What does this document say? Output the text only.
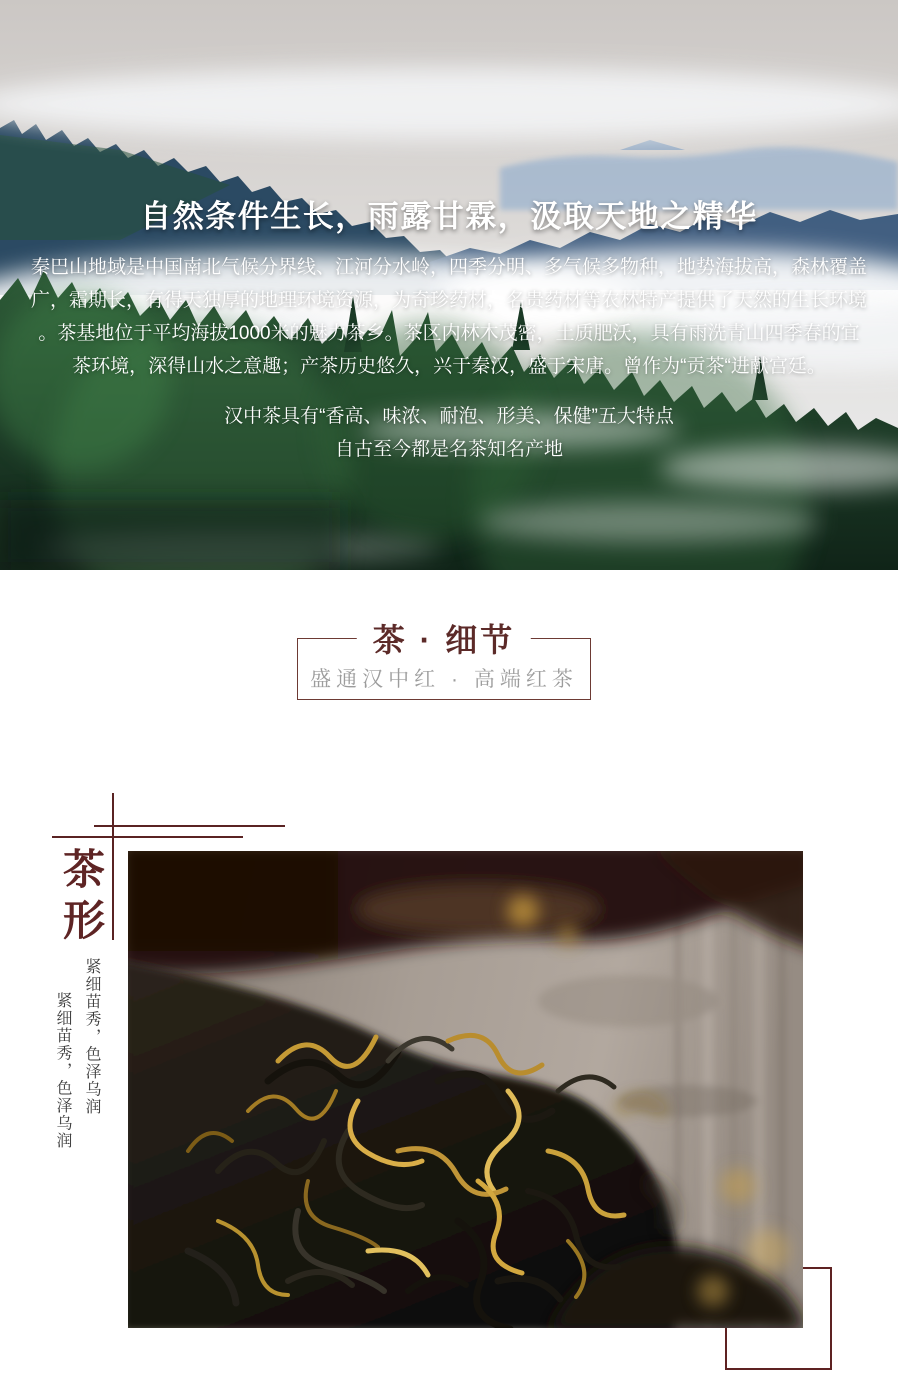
自然条件生长，雨露甘霖，汲取天地之精华
秦巴山地域是中国南北气候分界线、江河分水岭，四季分明、多气候多物种，地势海拔高，森林覆盖
广，霜期长，有得天独厚的地理环境资源，为奇珍药材，名贵药材等农林特产提供了天然的生长环境
。茶基地位于平均海拔1000米的魅力茶乡。茶区内林木茂密，土质肥沃，具有雨洗青山四季春的宜
茶环境，深得山水之意趣；产茶历史悠久，兴于秦汉，盛于宋唐。曾作为“贡茶“进献宫廷。
汉中茶具有“香高、味浓、耐泡、形美、保健”五大特点
自古至今都是名茶知名产地
茶 · 细节
盛通汉中红 · 高端红茶
茶形
紧细苗秀，色泽乌润
紧细苗秀，色泽乌润
